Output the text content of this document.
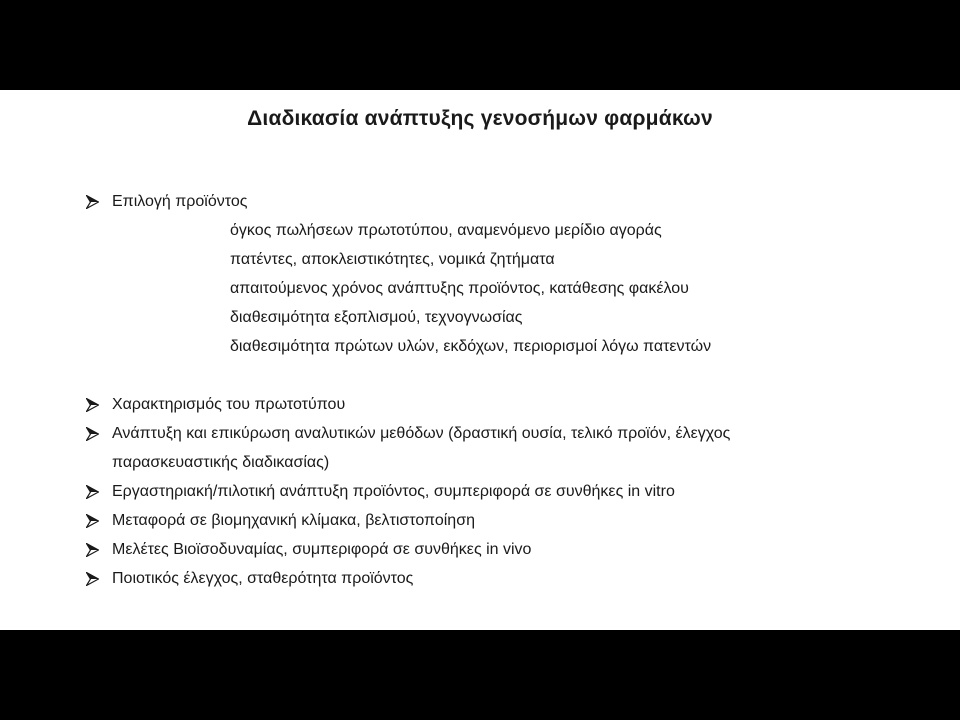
Διαδικασία ανάπτυξης γενοσήμων φαρμάκων
Επιλογή προϊόντος
όγκος πωλήσεων πρωτοτύπου, αναμενόμενο μερίδιο αγοράς
πατέντες, αποκλειστικότητες, νομικά ζητήματα
απαιτούμενος χρόνος ανάπτυξης προϊόντος, κατάθεσης φακέλου
διαθεσιμότητα εξοπλισμού, τεχνογνωσίας
διαθεσιμότητα πρώτων υλών, εκδόχων, περιορισμοί λόγω πατεντών
Χαρακτηρισμός του πρωτοτύπου
Ανάπτυξη και επικύρωση αναλυτικών μεθόδων (δραστική ουσία, τελικό προϊόν, έλεγχος
παρασκευαστικής διαδικασίας)
Εργαστηριακή/πιλοτική ανάπτυξη προϊόντος, συμπεριφορά σε συνθήκες in vitro
Μεταφορά σε βιομηχανική κλίμακα, βελτιστοποίηση
Μελέτες Βιοϊσοδυναμίας, συμπεριφορά σε συνθήκες in vivo
Ποιοτικός έλεγχος, σταθερότητα προϊόντος
